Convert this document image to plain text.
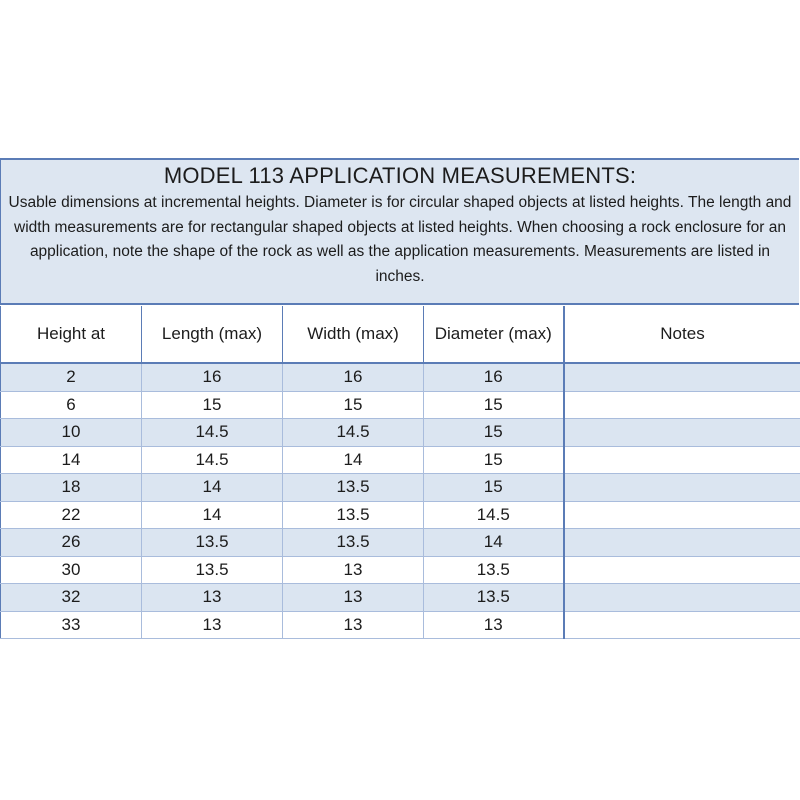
MODEL 113 APPLICATION MEASUREMENTS:
Usable dimensions at incremental heights. Diameter is for circular shaped objects at listed heights. The length and width measurements are for rectangular shaped objects at listed heights. When choosing a rock enclosure for an application, note the shape of the rock as well as the application measurements. Measurements are listed in inches.
Height at	Length (max)	Width (max)	Diameter (max)	Notes
2	16	16	16	
6	15	15	15	
10	14.5	14.5	15	
14	14.5	14	15	
18	14	13.5	15	
22	14	13.5	14.5	
26	13.5	13.5	14	
30	13.5	13	13.5	
32	13	13	13.5	
33	13	13	13	
